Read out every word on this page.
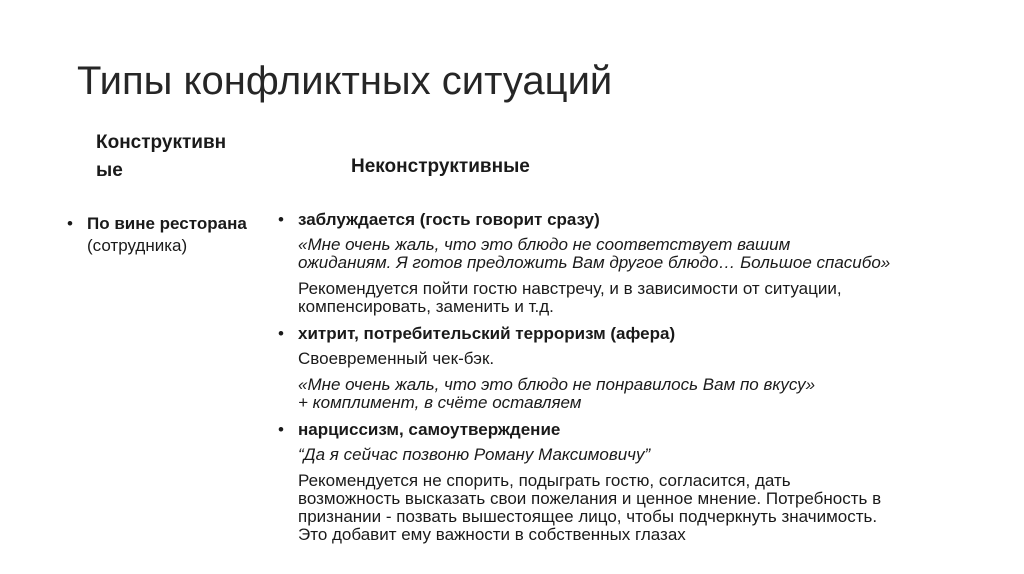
Типы конфликтных ситуаций
Конструктивн
ые	Неконструктивные
• По вине ресторана
(сотрудника)
• заблуждается (гость говорит сразу)
«Мне очень жаль, что это блюдо не соответствует вашим
ожиданиям. Я готов предложить Вам другое блюдо… Большое спасибо»
Рекомендуется пойти гостю навстречу, и в зависимости от ситуации,
компенсировать, заменить и т.д.
• хитрит, потребительский терроризм (афера)
Своевременный чек-бэк.
«Мне очень жаль, что это блюдо не понравилось Вам по вкусу»
+ комплимент, в счёте оставляем
• нарциссизм, самоутверждение
“Да я сейчас позвоню Роману Максимовичу”
Рекомендуется не спорить, подыграть гостю, согласится, дать
возможность высказать свои пожелания и ценное мнение. Потребность в
признании - позвать вышестоящее лицо, чтобы подчеркнуть значимость.
Это добавит ему важности в собственных глазах
